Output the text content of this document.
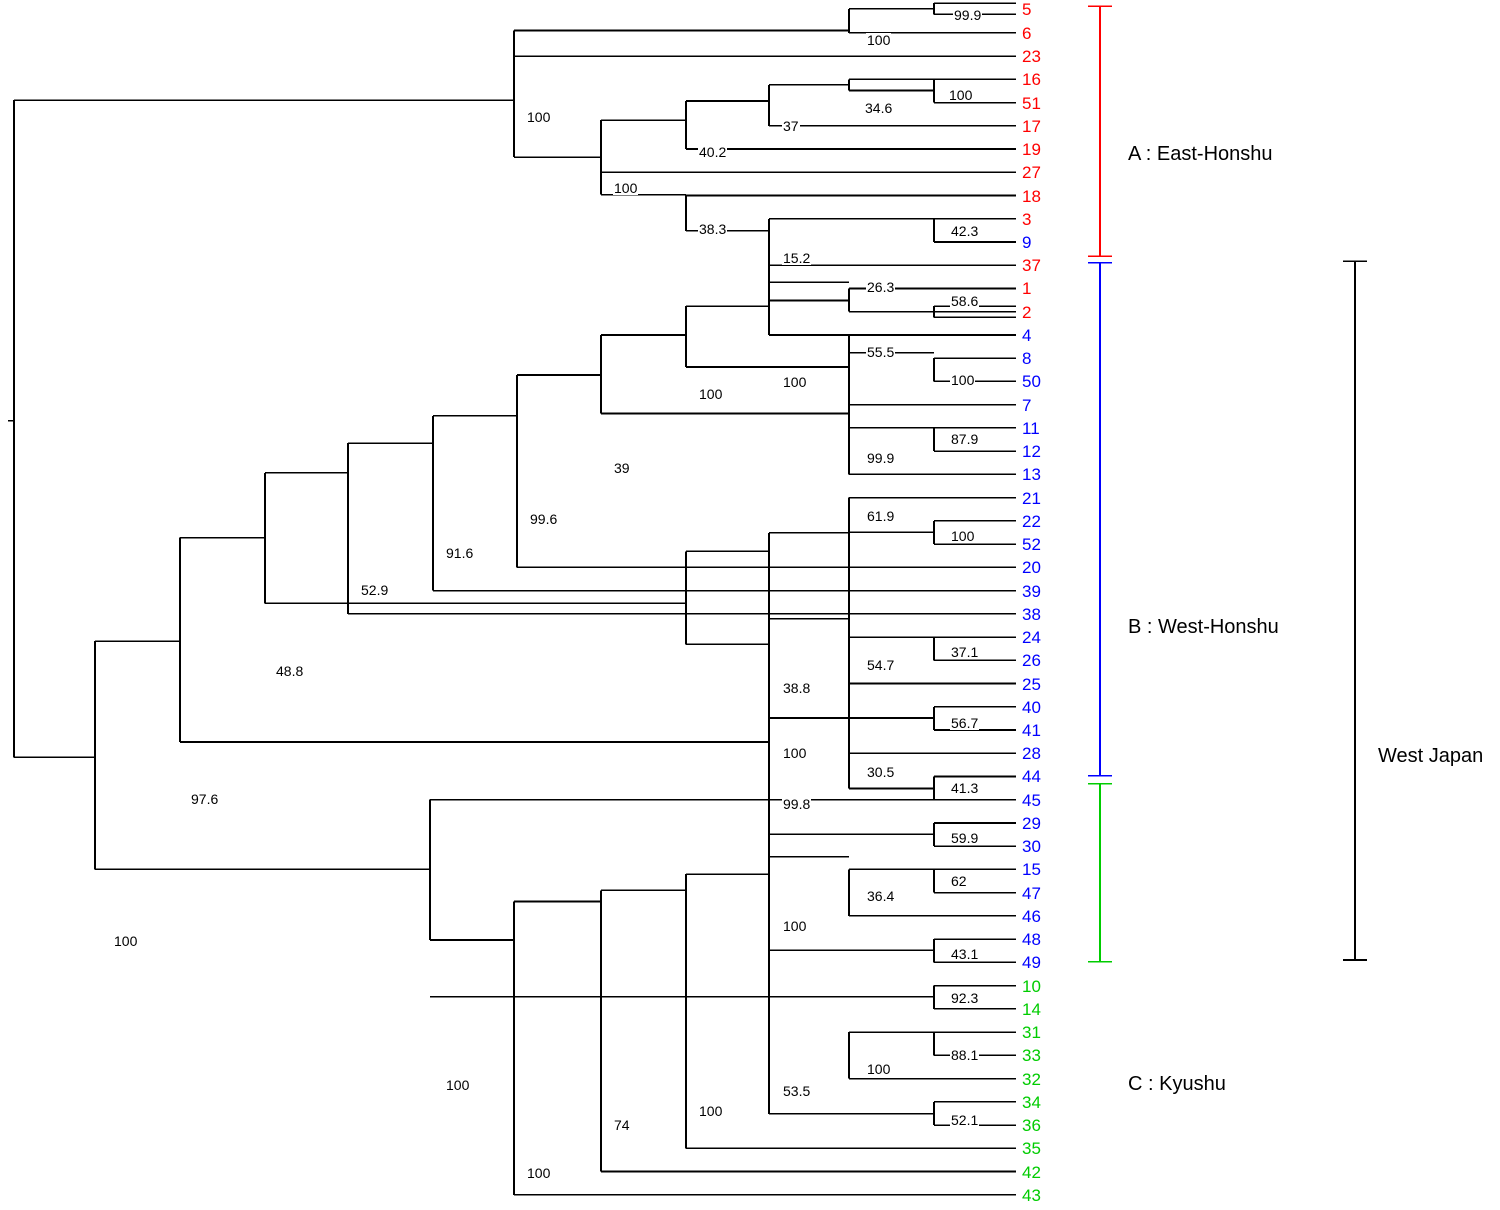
5
6
23
16
51
17
19
27
18
3
9
37
1
2
4
8
50
7
11
12
13
21
22
52
20
39
38
24
26
25
40
41
28
44
45
29
30
15
47
46
48
49
10
14
31
33
32
34
36
35
42
43
99.9
100
100
100
34.6
37
40.2
100
38.3	42.3
15.2
26.3
58.6
55.5
100	100
100
87.9
99.9
39
61.9
99.6
100
91.6
52.9
48.8
37.1
54.7
38.8
56.7
100
30.5
99.8
41.3
59.9
97.6
62
36.4
100
43.1
100
92.3
88.1
100
53.5
100
52.1
100
74
100
A : East-Honshu
B : West-Honshu
C : Kyushu
West Japan
